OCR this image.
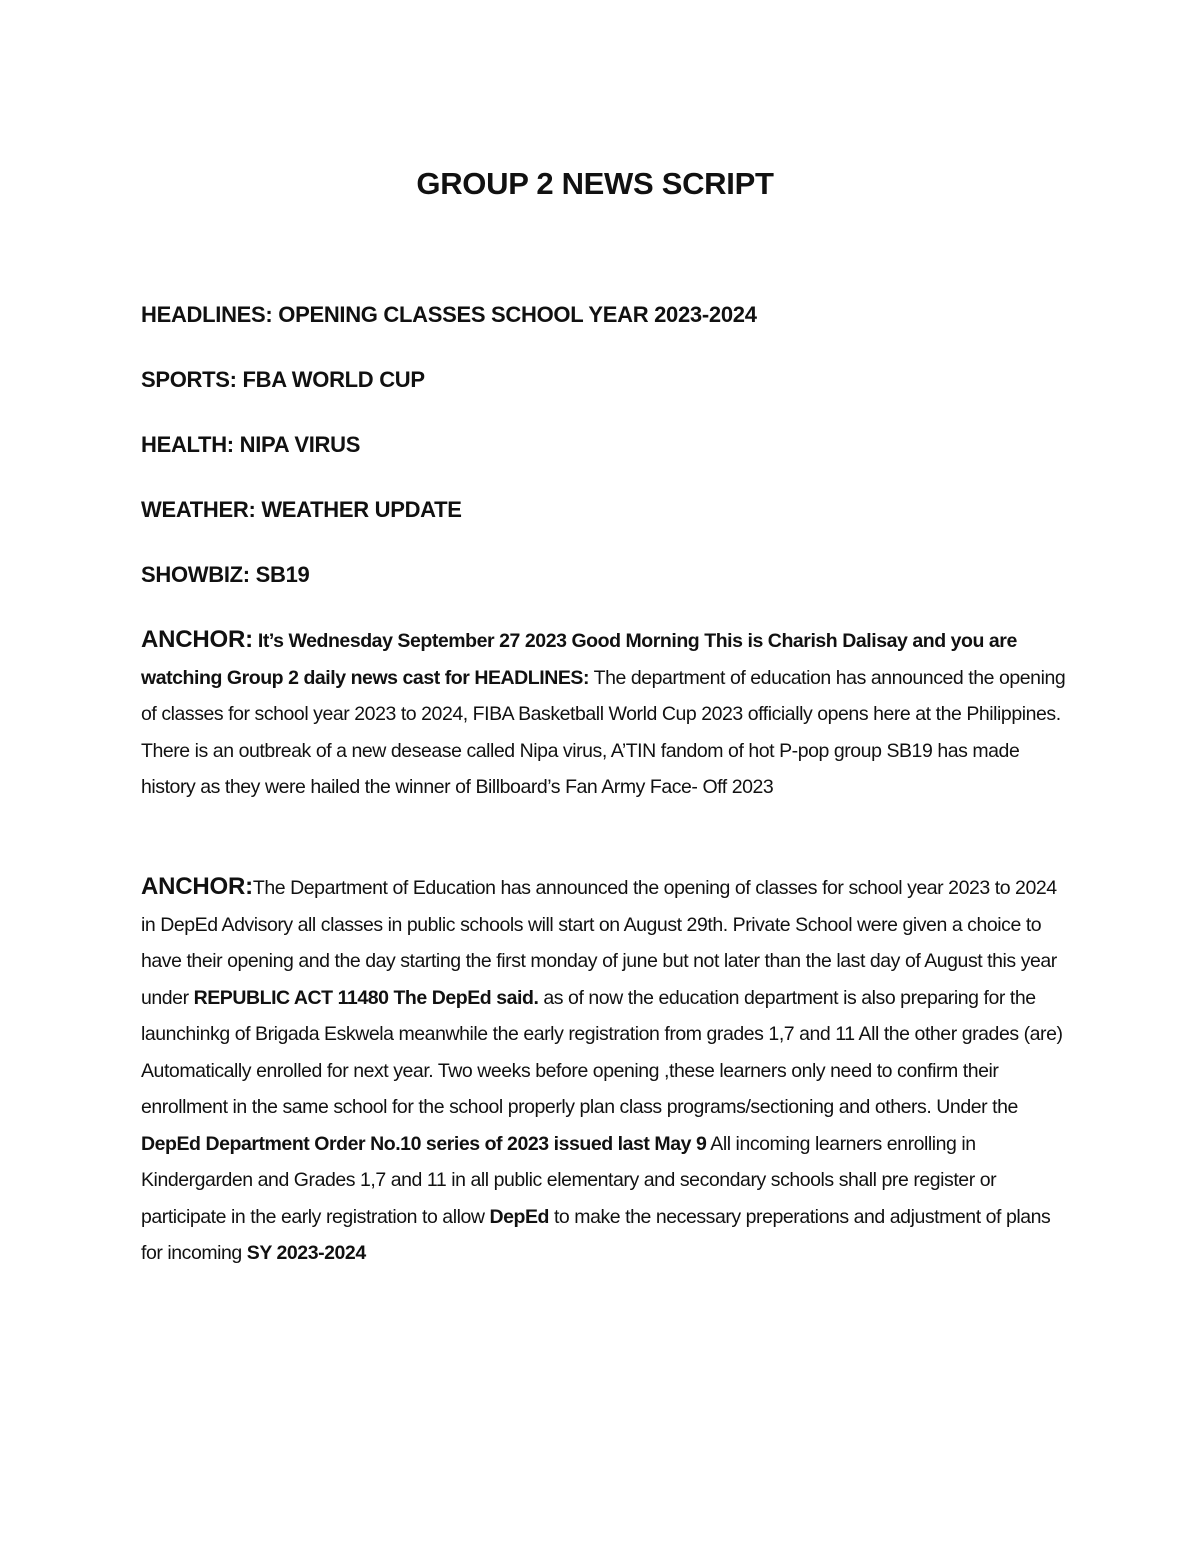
GROUP 2 NEWS SCRIPT

HEADLINES: OPENING CLASSES SCHOOL YEAR 2023-2024

SPORTS: FBA WORLD CUP

HEALTH: NIPA VIRUS

WEATHER: WEATHER UPDATE

SHOWBIZ: SB19

ANCHOR: It’s Wednesday September 27 2023 Good Morning This is Charish Dalisay and you are watching Group 2 daily news cast for HEADLINES: The department of education has announced the opening of classes for school year 2023 to 2024, FIBA Basketball World Cup 2023 officially opens here at the Philippines. There is an outbreak of a new desease called Nipa virus, A’TIN fandom of hot P-pop group SB19 has made history as they were hailed the winner of Billboard’s Fan Army Face- Off 2023

ANCHOR:The Department of Education has announced the opening of classes for school year 2023 to 2024 in DepEd Advisory all classes in public schools will start on August 29th. Private School were given a choice to have their opening and the day starting the first monday of june but not later than the last day of August this year under REPUBLIC ACT 11480 The DepEd said. as of now the education department is also preparing for the launchinkg of Brigada Eskwela meanwhile the early registration from grades 1,7 and 11 All the other grades (are) Automatically enrolled for next year. Two weeks before opening ,these learners only need to confirm their enrollment in the same school for the school properly plan class programs/sectioning and others. Under the DepEd Department Order No.10 series of 2023 issued last May 9 All incoming learners enrolling in Kindergarden and Grades 1,7 and 11 in all public elementary and secondary schools shall pre register or participate in the early registration to allow DepEd to make the necessary preperations and adjustment of plans for incoming SY 2023-2024
